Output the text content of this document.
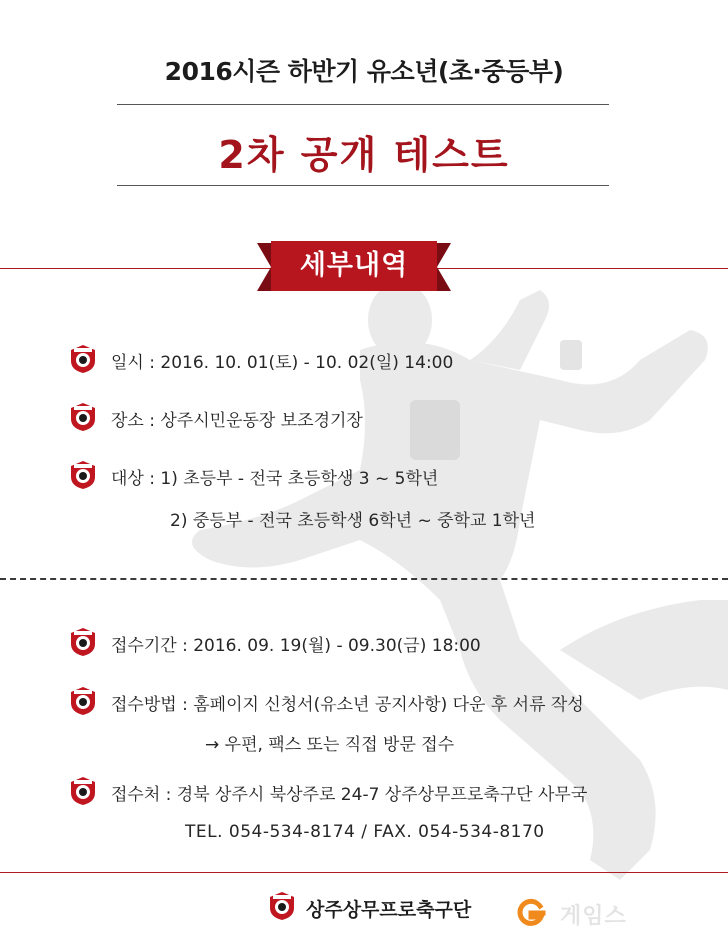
2016시즌 하반기 유소년(초·중등부)
2차 공개 테스트
세부내역
일시 : 2016. 10. 01(토) - 10. 02(일) 14:00
장소 : 상주시민운동장 보조경기장
대상 : 1) 초등부 - 전국 초등학생 3 ~ 5학년
2) 중등부 - 전국 초등학생 6학년 ~ 중학교 1학년
접수기간 : 2016. 09. 19(월) - 09.30(금) 18:00
접수방법 : 홈페이지 신청서(유소년 공지사항) 다운 후 서류 작성
→ 우편, 팩스 또는 직접 방문 접수
접수처 : 경북 상주시 북상주로 24-7 상주상무프로축구단 사무국
TEL. 054-534-8174 / FAX. 054-534-8170
상주상무프로축구단	게임스
